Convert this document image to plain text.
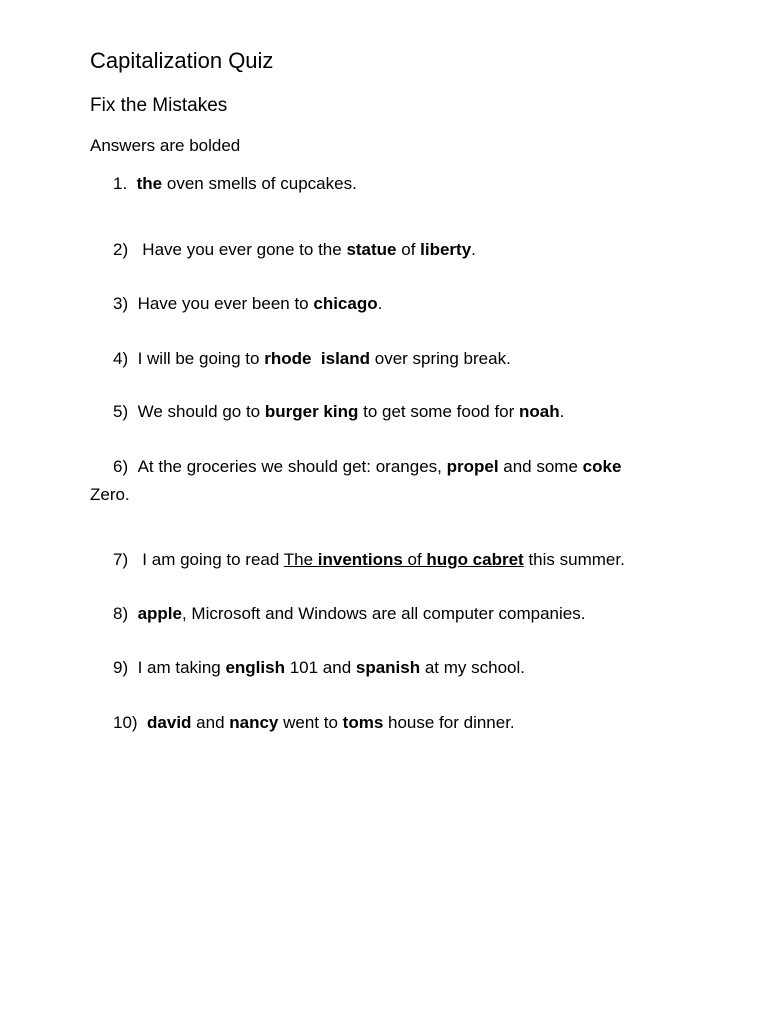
Capitalization Quiz
Fix the Mistakes
Answers are bolded
1. the oven smells of cupcakes.
2) Have you ever gone to the statue of liberty.
3) Have you ever been to chicago.
4) I will be going to rhode  island over spring break.
5) We should go to burger king to get some food for noah.
6) At the groceries we should get: oranges, propel and some coke
Zero.
7) I am going to read The inventions of hugo cabret this summer.
8) apple, Microsoft and Windows are all computer companies.
9) I am taking english 101 and spanish at my school.
10) david and nancy went to toms house for dinner.
